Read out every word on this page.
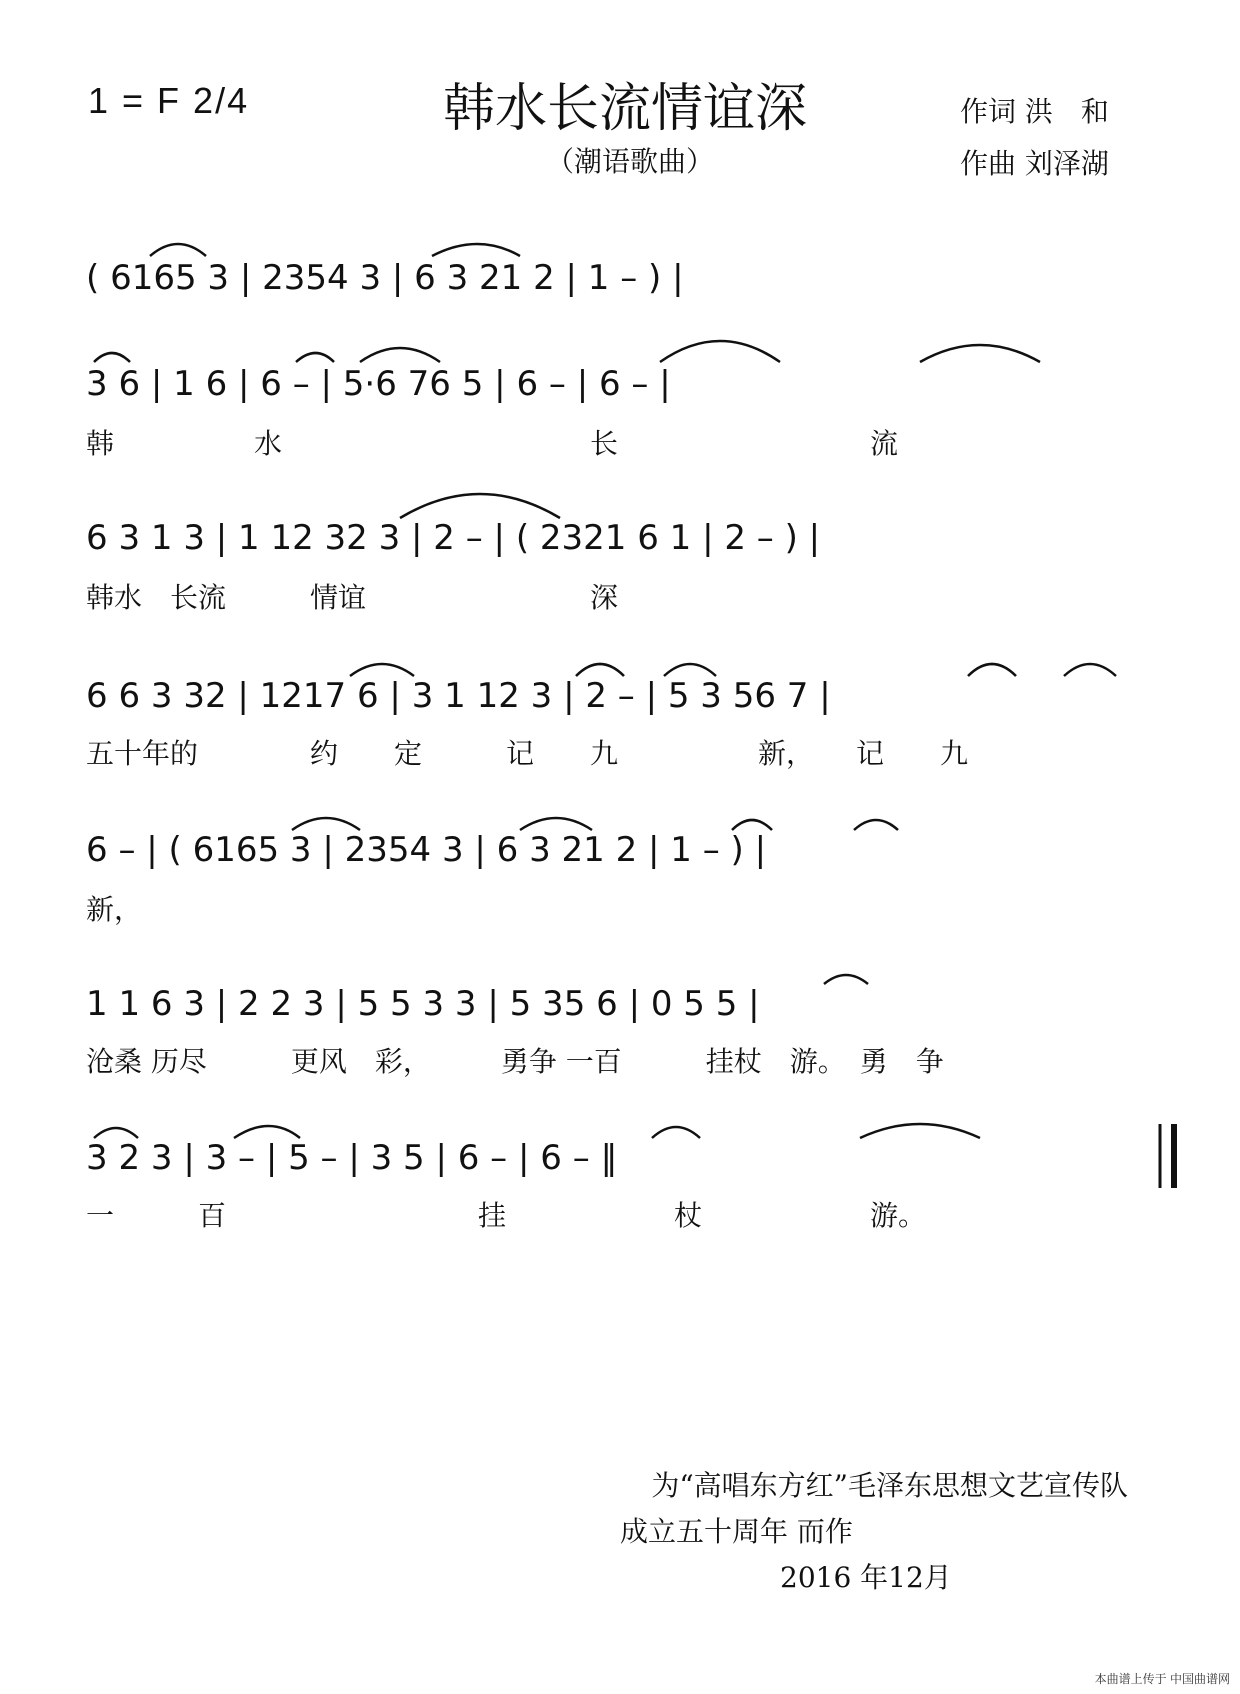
1 = F 2/4	韩水长流情谊深
（潮语歌曲）
作词 洪　和
作曲 刘泽湖
( 6165 3 | 2354 3 | 6 3 21 2 | 1 – ) |
3 6 | 1 6 | 6 – | 5·6 76 5 | 6 – | 6 – |
韩　　　　　水　　　　　　　　　　　长　　　　　　　　　流
6 3 1 3 | 1 12 32 3 | 2 – | ( 2321 6 1 | 2 – ) |
韩水　长流　　　情谊　　　　　　　　深
6 6 3 32 | 1217 6 | 3 1 12 3 | 2 – | 5 3 56 7 |
五十年的　　　　约　　定　　　记　　九　　　　　新，　　记　　九
6 – | ( 6165 3 | 2354 3 | 6 3 21 2 | 1 – ) |
新，
1 1 6 3 | 2 2 3 | 5 5 3 3 | 5 35 6 | 0 5 5 |
沧桑 历尽　　　更风　彩，　　　勇争 一百　　　挂杖　游。　勇　争
3 2 3 | 3 – | 5 – | 3 5 | 6 – | 6 – ‖
一　　　百　　　　　　　　　挂　　　　　　杖　　　　　　游。
为“高唱东方红”毛泽东思想文艺宣传队
成立五十周年 而作
2016 年12月
本曲谱上传于 中国曲谱网
